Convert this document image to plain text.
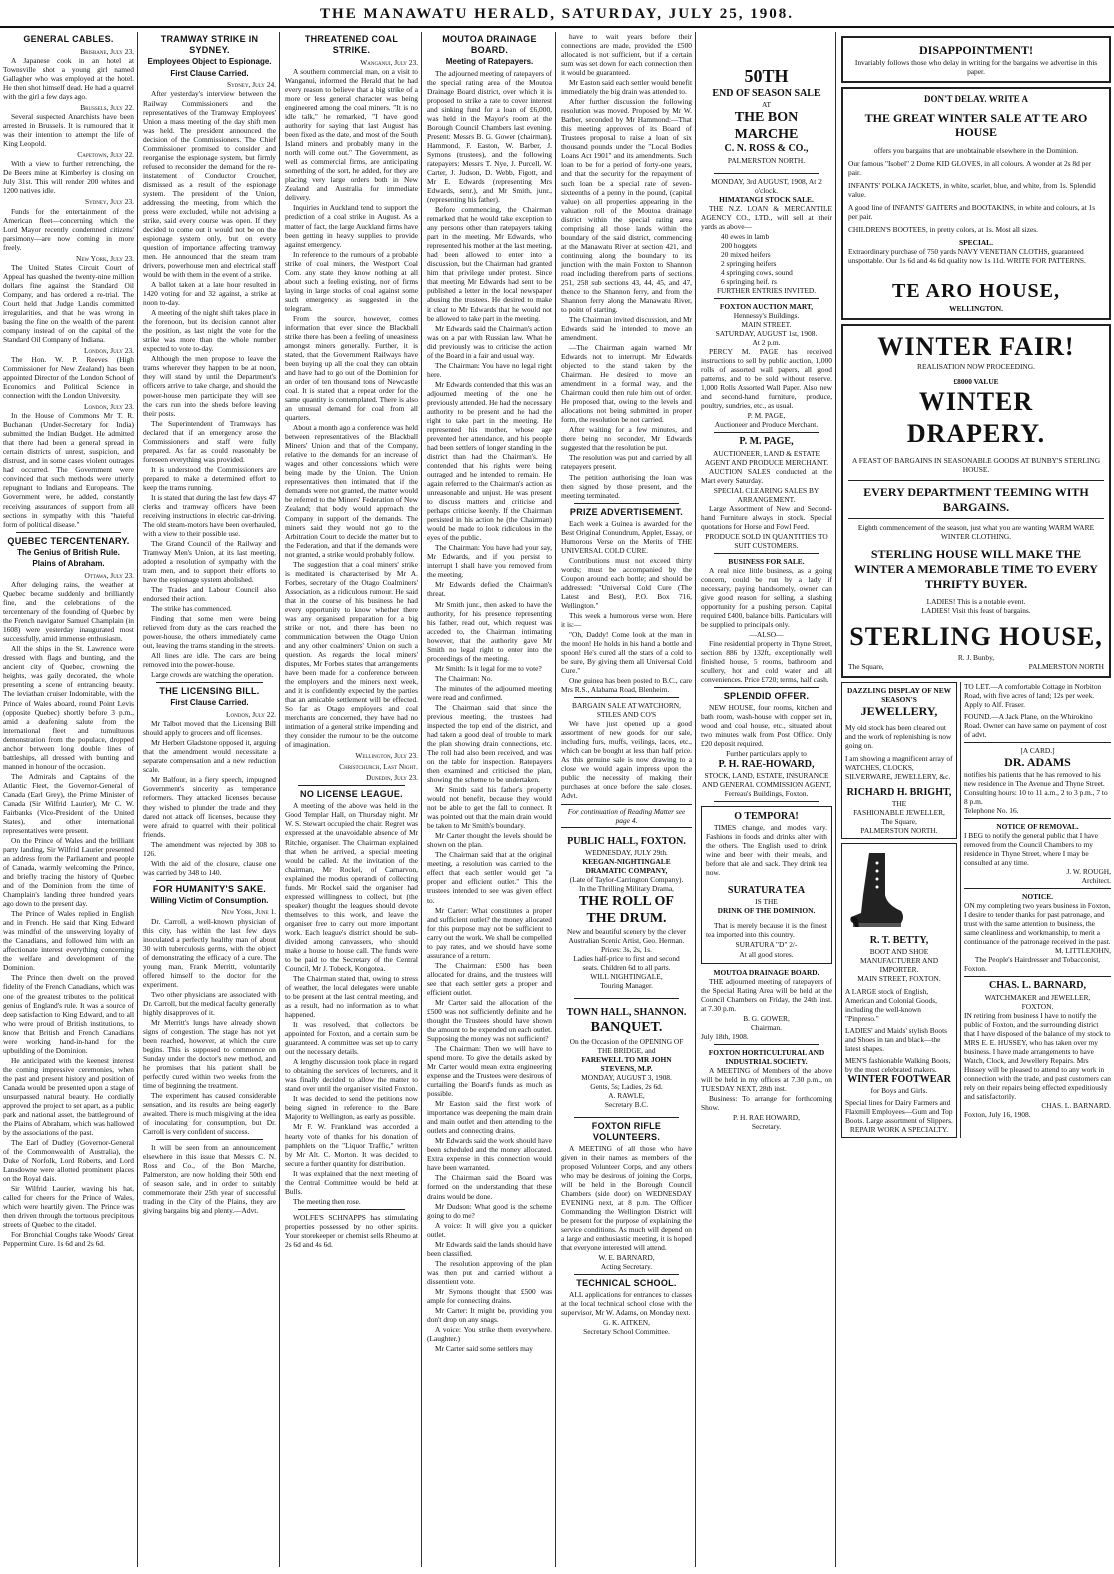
THE MANAWATU HERALD, SATURDAY, JULY 25, 1908.
GENERAL CABLES.
Brisbane, July 23.

A Japanese cook in an hotel at Townsville shot a young girl named Gallagher who was employed at the hotel. He then shot himself dead. He had a quarrel with the girl a few days ago.

Brussels, July 22.

Several suspected Anarchists have been arrested in Brussels. It is rumoured that it was their intention to attempt the life of King Leopold.

Capetown, July 22.

With a view to further retrenching, the De Beers mine at Kimberley is closing on July 31st. This will render 200 whites and 1200 natives idle.

Sydney, July 23.

Funds for the entertainment of the American fleet—concerning which the Lord Mayor recently condemned citizens' parsimony—are now coming in more freely.

New York, July 23.

The United States Circuit Court of Appeal has quashed the twenty-nine million dollars fine against the Standard Oil Company, and has ordered a re-trial. The Court held that Judge Landis committed irregularities, and that he was wrong in basing the fine on the wealth of the parent company instead of on the capital of the Standard Oil Company of Indiana.

London, July 23.

The Hon. W. P. Reeves (High Commissioner for New Zealand) has been appointed Director of the London School of Economics and Political Science in connection with the London University.

London, July 23.

In the House of Commons Mr T. R. Buchanan (Under-Secretary for India) submitted the Indian Budget. He admitted that there had been a general spread in certain districts of unrest, suspicion, and distrust, and in some cases violent outrages had occurred. The Government were convinced that such methods were utterly repugnant to Indians and Europeans. The Government were, he added, constantly receiving assurances of support from all sections in sympathy with this "hateful form of political disease."

QUEBEC TERCENTENARY.
The Genius of British Rule.
Plains of Abraham.
Ottawa, July 23.

After deluging rains, the weather at Quebec became suddenly and brilliantly fine, and the celebrations of the tercentenary of the founding of Quebec by the French navigator Samuel Champlain (in 1608) were yesterday inaugurated most successfully, amid immense enthusiasm.

All the ships in the St. Lawrence were dressed with flags and bunting, and the ancient city of Quebec, crowning the heights, was gaily decorated, the whole presenting a scene of entrancing beauty. The leviathan cruiser Indomitable, with the Prince of Wales aboard, round Point Levis (opposite Quebec) shortly before 3 p.m., amid a deafening salute from the international fleet and tumultuous demonstration from the populace, dropped anchor between long double lines of battleships, all dressed with bunting and manned in honour of the occasion.

The Admirals and Captains of the Atlantic Fleet, the Governor-General of Canada (Earl Grey), the Prime Minister of Canada (Sir Wilfrid Laurier), Mr C. W. Fairbanks (Vice-President of the United States), and other international representatives were present.

On the Prince of Wales and the brilliant party landing, Sir Wilfrid Laurier presented an address from the Parliament and people of Canada, warmly welcoming the Prince, and briefly tracing the history of Quebec and of the Dominion from the time of Champlain's landing three hundred years ago down to the present day.

The Prince of Wales replied in English and in French. He said that King Edward was mindful of the unswerving loyalty of the Canadians, and followed him with an affectionate interest everything concerning the welfare and development of the Dominion.

The Prince then dwelt on the proved fidelity of the French Canadians, which was one of the greatest tributes to the political genius of England's rule. It was a source of deep satisfaction to King Edward, and to all who were proud of British institutions, to know that British and French Canadians were working hand-in-hand for the upbuilding of the Dominion.

He anticipated with the keenest interest the coming impressive ceremonies, when the past and present history and position of Canada would be presented upon a stage of unsurpassed natural beauty. He cordially approved the project to set apart, as a public park and national asset, the battleground of the Plains of Abraham, which was hallowed by the associations of the past.

The Earl of Dudley (Governor-General of the Commonwealth of Australia), the Duke of Norfolk, Lord Roberts, and Lord Lansdowne were allotted prominent places on the Royal dais.

Sir Wilfrid Laurier, waving his hat, called for cheers for the Prince of Wales, which were heartily given. The Prince was then driven through the tortuous precipitous streets of Quebec to the citadel.

For Bronchial Coughs take Woods' Great Peppermint Cure. 1s 6d and 2s 6d.

TRAMWAY STRIKE IN SYDNEY.
Employees Object to Espionage.
First Clause Carried.
Sydney, July 24.

After yesterday's interview between the Railway Commissioners and the representatives of the Tramway Employees' Union a mass meeting of the day shift men was held. The president announced the decision of the Commissioners. The Chief Commissioner promised to consider and reorganise the espionage system, but firmly refused to reconsider the demand for the re-instatement of Conductor Croucher, dismissed as a result of the espionage system. The president of the Union, addressing the meeting, from which the press were excluded, while not advising a strike, said every course was open. If they decided to come out it would not be on the espionage system only, but on every question of importance affecting tramway men. He announced that the steam tram drivers, powerhouse men and electrical staff would be with them in the event of a strike.

A ballot taken at a late hour resulted in 1420 voting for and 32 against, a strike at noon to-day.

A meeting of the night shift takes place in the forenoon, but its decision cannot alter the position, as last night the vote for the strike was more than the whole number expected to vote to-day.

Although the men propose to leave the trams wherever they happen to be at noon, they will stand by until the Department's officers arrive to take charge, and should the power-house men participate they will see the cars run into the sheds before leaving their posts.

The Superintendent of Tramways has declared that if an emergency arose the Commissioners and staff were fully prepared. As far as could reasonably be foreseen everything was provided.

It is understood the Commissioners are prepared to make a determined effort to keep the trams running.

It is stated that during the last few days 47 clerks and tramway officers have been receiving instructions in electric car-driving. The old steam-motors have been overhauled, with a view to their possible use.

The Grand Council of the Railway and Tramway Men's Union, at its last meeting, adopted a resolution of sympathy with the tram men, and to support their efforts to have the espionage system abolished.

The Trades and Labour Council also endorsed their action.

The strike has commenced.

Finding that some men were being relieved from duty as the cars reached the power-house, the others immediately came out, leaving the trams standing in the streets.

All lines are idle. The cars are being removed into the power-house.

Large crowds are watching the operation.

THE LICENSING BILL.
First Clause Carried.
London, July 22.

Mr Talbot moved that the Licensing Bill should apply to grocers and off licenses.

Mr Herbert Gladstone opposed it, arguing that the amendment would necessitate a separate compensation and a new reduction scale.

Mr Balfour, in a fiery speech, impugned Government's sincerity as temperance reformers. They attacked licenses because they wished to plunder the trade and they dared not attack off licenses, because they were afraid to quarrel with their political friends.

The amendment was rejected by 308 to 126.

With the aid of the closure, clause one was carried by 348 to 140.

FOR HUMANITY'S SAKE.
Willing Victim of Consumption.
New York, June 1.

Dr. Carroll, a well-known physician of this city, has within the last few days inoculated a perfectly healthy man of about 30 with tuberculosis germs, with the object of demonstrating the efficacy of a cure. The young man, Frank Merritt, voluntarily offered himself to the doctor for the experiment.

Two other physicians are associated with Dr. Carroll, but the medical faculty generally highly disapproves of it.

Mr Merritt's lungs have already shown signs of congestion. The stage has not yet been reached, however, at which the cure begins. This is supposed to commence on Sunday under the doctor's new method, and he promises that his patient shall be perfectly cured within two weeks from the time of beginning the treatment.

The experiment has caused considerable sensation, and its results are being eagerly awaited. There is much misgiving at the idea of inoculating for consumption, but Dr. Carroll is very confident of success.

It will be seen from an announcement elsewhere in this issue that Messrs C. N. Ross and Co., of the Bon Marche, Palmerston, are now holding their 50th end of season sale, and in order to suitably commemorate their 25th year of successful trading in the City of the Plains, they are giving bargains big and plenty.—Advt.

THREATENED COAL STRIKE.
Wanganui, July 23.

A southern commercial man, on a visit to Wanganui, informed the Herald that he had every reason to believe that a big strike of a more or less general character was being engineered among the coal miners. "It is no idle talk," he remarked, "I have good authority for saying that last August has been fixed as the date, and most of the South Island miners and probably many in the north will come out." The Government, as well as commercial firms, are anticipating something of the sort, he added, for they are placing very large orders both in New Zealand and Australia for immediate delivery.

Inquiries in Auckland tend to support the prediction of a coal strike in August. As a matter of fact, the large Auckland firms have been getting in heavy supplies to provide against emergency.

In reference to the rumours of a probable strike of coal miners, the Westport Coal Com. any state they know nothing at all about such a feeling existing, nor of firms laying in large stocks of coal against some such emergency as suggested in the telegram.

From the source, however, comes information that ever since the Blackball strike there has been a feeling of uneasiness amongst miners generally. Further, it is stated, that the Government Railways have been buying up all the coal they can obtain and have had to go out of the Dominion for an order of ten thousand tons of Newcastle coal. It is stated that a repeat order for the same quantity is contemplated. There is also an unusual demand for coal from all quarters.

About a month ago a conference was held between representatives of the Blackball Miners' Union and that of the Company, relative to the demands for an increase of wages and other concessions which were being made by the Union. The Union representatives then intimated that if the demands were not granted, the matter would be referred to the Miners' Federation of New Zealand; that body would approach the Company in support of the demands. The miners said they would not go to the Arbitration Court to decide the matter but to the Federation, and that if the demands were not granted, a strike would probably follow.

The suggestion that a coal miners' strike is meditated is characterised by Mr A. Forbes, secretary of the Otago Coalminers' Association, as a ridiculous rumour. He said that in the course of his business he had every opportunity to know whether there was any organised preparation for a big strike or not, and there has been no communication between the Otago Union and any other coalminers' Union on such a question. As regards the local miners' disputes, Mr Forbes states that arrangements have been made for a conference between the employers and the miners next week, and it is confidently expected by the parties that an amicable settlement will be effected. So far as Otago employers and coal merchants are concerned, they have had no intimation of a general strike impending and they consider the rumour to be the outcome of imagination.

Wellington, July 23.
Christchurch, Last Night.
Dunedin, July 23.
NO LICENSE LEAGUE.

A meeting of the above was held in the Good Templar Hall, on Thursday night. Mr W. S. Stewart occupied the chair. Regret was expressed at the unavoidable absence of Mr Ritchie, organiser. The Chairman explained that when he arrived, a special meeting would be called. At the invitation of the chairman, Mr Rockel, of Carnarvon, explained the modus operandi of collecting funds. Mr Rockel said the organiser had expressed willingness to collect, but (the speaker) thought the leagues should devote themselves to this work, and leave the organiser free to carry out more important work. Each league's district should be sub-divided among canvassers, who should make a house to house call. The funds were to be paid to the Secretary of the Central Council, Mr J. Tobeck, Kongotea.

The Chairman stated that, owing to stress of weather, the local delegates were unable to be present at the last central meeting, and as a result, had no information as to what happened.

It was resolved, that collectors be appointed for Foxton, and a certain sum be guaranteed. A committee was set up to carry out the necessary details.

A lengthy discussion took place in regard to obtaining the services of lecturers, and it was finally decided to allow the matter to stand over until the organiser visited Foxton.

It was decided to send the petitions now being signed in reference to the Bare Majority to Wellington, as early as possible.

Mr F. W. Frankland was accorded a hearty vote of thanks for his donation of pamphlets on the "Liquor Traffic," written by Mr Alt. C. Morton. It was decided to secure a further quantity for distribution.

It was explained that the next meeting of the Central Committee would be held at Bulls.

The meeting then rose.

WOLFE'S SCHNAPPS has stimulating properties possessed by no other spirits. Your storekeeper or chemist sells Rheumo at 2s 6d and 4s 6d.

MOUTOA DRAINAGE BOARD.
Meeting of Ratepayers.

The adjourned meeting of ratepayers of the special rating area of the Moutoa Drainage Board district, over which it is proposed to strike a rate to cover interest and sinking fund for a loan of £6,000, was held in the Mayor's room at the Borough Council Chambers last evening. Present: Messrs B. G. Gower (chairman), Hammond, F. Easton, W. Barber, J. Symons (trustees), and the following ratepayers: Messrs T. Nye, J. Purcell, W. Carter, J. Judson, D. Webb, Figott, and Mr E. Edwards (representing Mrs Edwards, senr.), and Mr Smith, junr., (representing his father).

Before commencing, the Chairman remarked that he would take exception to any persons other than ratepayers taking part in the meeting. Mr Edwards, who represented his mother at the last meeting, had been allowed to enter into a discussion, but the Chairman had granted him that privilege under protest. Since that meeting Mr Edwards had sent to be published a letter in the local newspaper abusing the trustees. He desired to make it clear to Mr Edwards that he would not be allowed to take part in the meeting.

Mr Edwards said the Chairman's action was on a par with Russian law. What he did previously was to criticise the action of the Board in a fair and usual way.

The Chairman: You have no legal right here.

Mr Edwards contended that this was an adjourned meeting of the one he previously attended. He had the necessary authority to be present and he had the right to take part in the meeting. He represented his mother, whose age prevented her attendance, and his people had been settlers of longer standing in the district than had the Chairman's. He contended that his rights were being outraged and he intended to remain. He again referred to the Chairman's action as unreasonable and unjust. He was present to discuss matters and criticise and perhaps criticise keenly. If the Chairman persisted in his action he (the Chairman) would be made to look ridiculous in the eyes of the public.

The Chairman: You have had your say, Mr Edwards, and if you persist to interrupt I shall have you removed from the meeting.

Mr Edwards defied the Chairman's threat.

Mr Smith junr., then asked to have the authority, for his presence representing his father, read out, which request was acceded to, the Chairman intimating however, that the authority gave Mr Smith no legal right to enter into the proceedings of the meeting.

Mr Smith: Is it legal for me to vote?

The Chairman: No.

The minutes of the adjourned meeting were read and confirmed.

The Chairman said that since the previous meeting, the trustees had inspected the top end of the district, and had taken a good deal of trouble to mark the plan showing drain connections, etc. The roll had also been received, and was on the table for inspection. Ratepayers then examined and criticised the plan, showing the scheme to be undertaken.

Mr Smith said his father's property would not benefit, because they would not be able to get the fall to connect. It was pointed out that the main drain would be taken to Mr Smith's boundary.

Mr Carter thought the levels should be shown on the plan.

The Chairman said that at the original meeting, a resolution was carried to the effect that each settler would get "a proper and efficient outlet." This the trustees intended to see was given effect to.

Mr Carter: What constitutes a proper and sufficient outlet? the money allocated for this purpose may not be sufficient to carry out the work. We shall be compelled to pay rates, and we should have some assurance of a return.

The Chairman: £500 has been allocated for drains, and the trustees will see that each settler gets a proper and efficient outlet.

Mr Carter said the allocation of the £500 was not sufficiently definite and he thought the Trustees should have shown the amount to be expended on each outlet. Supposing the money was not sufficient?

The Chairman: Then we will have to spend more. To give the details asked by Mr Carter would mean extra engineering expense and the Trustees were desirous of curtailing the Board's funds as much as possible.

Mr Easton said the first work of importance was deepening the main drain and main outlet and then attending to the outlets and connecting drains.

Mr Edwards said the work should have been scheduled and the money allocated. Extra expense in this connection would have been warranted.

The Chairman said the Board was formed on the understanding that these drains would be done.

Mr Dudson: What good is the scheme going to do me?

A voice: It will give you a quicker outlet.

Mr Edwards said the lands should have been classified.

The resolution approving of the plan was then put and carried without a dissentient vote.

Mr Symons thought that £500 was ample for connecting drains.

Mr Carter: It might be, providing you don't drop on any snags.

A voice: You strike them everywhere. (Laughter.)

Mr Carter said some settlers may

have to wait years before their connections are made, provided the £500 allocated is not sufficient, but if a certain sum was set down for each connection then it would be guaranteed.

Mr Easton said each settler would benefit immediately the big drain was attended to.

After further discussion the following resolution was moved. Proposed by Mr W. Barber, seconded by Mr Hammond:—That this meeting approves of its Board of Trustees proposal to raise a loan of six thousand pounds under the "Local Bodies Loans Act 1901" and its amendments. Such loan to be for a period of forty-one years, and that the security for the repayment of such loan be a special rate of seven-sixteenths of a penny in the pound, (capital value) on all properties appearing in the valuation roll of the Moutoa drainage district within the special rating area comprising all those lands within the boundary of the said district, commencing at the Manawatu River at section 421, and continuing along the boundary to its junction with the main Foxton to Shannon road including therefrom parts of sections 251, 258 sub sections 43, 44, 45, and 47, thence to the Shannon ferry, and from the Shannon ferry along the Manawatu River, to point of starting.

The Chairman invited discussion, and Mr Edwards said he intended to move an amendment.

—The Chairman again warned Mr Edwards not to interrupt. Mr Edwards objected to the stand taken by the Chairman. He desired to move an amendment in a formal way, and the Chairman could then rule him out of order. He proposed that, owing to the levels and allocations not being submitted in proper form, the resolution be not carried.

After waiting for a few minutes, and there being no seconder, Mr Edwards suggested that the resolution be put.

The resolution was put and carried by all ratepayers present.

The petition authorising the loan was then signed by those present, and the meeting terminated.

PRIZE ADVERTISEMENT.

Each week a Guinea is awarded for the Best Original Conundrum, Applet, Essay, or Humorous Verse on the Merits of THE UNIVERSAL COLD CURE.

Contributions must not exceed thirty words; must be accompanied by the Coupon around each bottle; and should be addressed: "Universal Cold Cure (The Latest and Best), P.O. Box 716, Wellington."

This week a humorous verse won. Here it is:—

"Oh, Daddy! Come look at the man in the moon! He holds in his hand a bottle and spoon! He's cured all the stars of a cold to be sure, By giving them all Universal Cold Cure."

One guinea has been posted to B.C., care Mrs R.S., Alabama Road, Blenheim.

BARGAIN SALE AT WATCHORN, STILES AND CO'S

We have just opened up a good assortment of new goods for our sale, including furs, muffs, veilings, laces, etc., which can be bought at less than half price. As this genuine sale is now drawing to a close we would again impress upon the public the necessity of making their purchases at once before the sale closes. Advt.

For continuation of Reading Matter see page 4.
PUBLIC HALL, FOXTON.
WEDNESDAY, JULY 29th.
KEEGAN-NIGHTINGALE DRAMATIC COMPANY,
(Late of Taylor-Carrington Company).
In the Thrilling Military Drama,
THE ROLL OF THE DRUM.
New and beautiful scenery by the clever Australian Scenic Artist, Geo. Herman.
Prices: 3s, 2s, 1s.
Ladies half-price to first and second seats. Children 6d to all parts.
WILL NIGHTINGALE,
Touring Manager.
TOWN HALL, SHANNON.
BANQUET.
On the Occasion of the OPENING OF THE BRIDGE, and
FAREWELL TO MR JOHN STEVENS, M.P.
MONDAY, AUGUST 3, 1908.
Gents, 5s; Ladies, 2s 6d.
A. RAWLE,
Secretary B.C.
FOXTON RIFLE VOLUNTEERS.

A MEETING of all those who have given in their names as members of the proposed Volunteer Corps, and any others who may be desirous of joining the Corps, will be held in the Borough Council Chambers (side door) on WEDNESDAY EVENING next, at 8 p.m. The Officer Commanding the Wellington District will be present for the purpose of explaining the service conditions. As much will depend on a large and enthusiastic meeting, it is hoped that everyone interested will attend.

W. E. BARNARD,
Acting Secretary.
TECHNICAL SCHOOL.

ALL applications for entrances to classes at the local technical school close with the supervisor, Mr W. Adams, on Monday next.

G. K. AITKEN,
Secretary School Committee.
50TH
END OF SEASON SALE
AT
THE BON MARCHE
C. N. ROSS & CO.,
PALMERSTON NORTH.
MONDAY, 3rd AUGUST, 1908, At 2 o'clock.
HIMATANGI STOCK SALE.

THE N.Z. LOAN & MERCANTILE AGENCY CO., LTD., will sell at their yards as above—

40 ewes in lamb
200 hoggets
20 mixed heifers
2 springing heifers
4 springing cows, sound
6 springing heif. rs
FURTHER ENTRIES INVITED.
FOXTON AUCTION MART,
Hennessy's Buildings.
MAIN STREET.
SATURDAY, AUGUST 1st, 1908.
At 2 p.m.

PERCY M. PAGE has received instructions to sell by public auction, 1,000 rolls of assorted wall papers, all good patterns, and to be sold without reserve. 1,000 Rolls Assorted Wall Paper. Also new and second-hand furniture, produce, poultry, sundries, etc., as usual.

P. M. PAGE,
Auctioneer and Produce Merchant.
P. M. PAGE,
AUCTIONEER, LAND & ESTATE AGENT AND PRODUCE MERCHANT.

AUCTION SALES conducted at the Mart every Saturday.

SPECIAL CLEARING SALES BY ARRANGEMENT.

Large Assortment of New and Second-hand Furniture always in stock. Special quotations for Horse and Fowl Feed.

PRODUCE SOLD IN QUANTITIES TO SUIT CUSTOMERS.
BUSINESS FOR SALE.

A real nice little business, as a going concern, could be run by a lady if necessary, paying handsomely, owner can give good reason for selling, a slashing opportunity for a pushing person. Capital required £400, balance bills. Particulars will be supplied to principals only.

—ALSO—

Fine residential property in Thyne Street, section 886 by 132ft, exceptionally well finished house, 5 rooms, bathroom and scullery, hot and cold water and all conveniences. Price £720; terms, half cash.

SPLENDID OFFER.

NEW HOUSE, four rooms, kitchen and bath room, wash-house with copper set in, wood and coal house, etc., situated about two minutes walk from Post Office. Only £20 deposit required.

Further particulars apply to
P. H. RAE-HOWARD,
STOCK, LAND, ESTATE, INSURANCE AND GENERAL COMMISSION AGENT,
Ferreau's Buildings, Foxton.
O TEMPORA!

TIMES change, and modes vary. Fashions in foods and drinks alter with the others. The English used to drink wine and beer with their meals, and before that ale and sack. They drink tea now.

SURATURA TEA
IS THE
DRINK OF THE DOMINION.

That is merely because it is the finest tea imported into this country.

SURATURA "D" 2/-
At all good stores.
MOUTOA DRAINAGE BOARD.

THE adjourned meeting of ratepayers of the Special Rating Area will be held at the Council Chambers on Friday, the 24th inst. at 7.30 p.m.

B. G. GOWER,
Chairman.
July 18th, 1908.
FOXTON HORTICULTURAL AND INDUSTRIAL SOCIETY.

A MEETING of Members of the above will be held in my offices at 7.30 p.m., on TUESDAY NEXT, 28th inst.

Business: To arrange for forthcoming Show.

P. H. RAE HOWARD,
Secretary.
DISAPPOINTMENT!
Invariably follows those who delay in writing for the bargains we advertise in this paper.
DON'T DELAY. WRITE A
THE GREAT WINTER SALE AT TE ARO HOUSE
offers you bargains that are unobtainable elsewhere in the Dominion.

Our famous "Isobel" 2 Dome KID GLOVES, in all colours. A wonder at 2s 8d per pair.

INFANTS' POLKA JACKETS, in white, scarlet, blue, and white, from 1s. Splendid value.

A good line of INFANTS' GAITERS and BOOTAKINS, in white and colours, at 1s per pair.

CHILDREN'S BOOTEES, in pretty colors, at 1s. Most all sizes.

SPECIAL.

Extraordinary purchase of 750 yards NAVY VENETIAN CLOTHS, guaranteed unspottable. Our 1s 6d and 4s 6d quality now 1s 11d. WRITE FOR PATTERNS.

TE ARO HOUSE,
WELLINGTON.
WINTER FAIR!
REALISATION NOW PROCEEDING.
£8000 VALUE
WINTER DRAPERY.
A FEAST OF BARGAINS IN SEASONABLE GOODS AT BUNBY'S STERLING HOUSE.
EVERY DEPARTMENT TEEMING WITH BARGAINS.
Eighth commencement of the season, just what you are wanting WARM WARE WINTER CLOTHING.
STERLING HOUSE WILL MAKE THE WINTER A MEMORABLE TIME TO EVERY THRIFTY BUYER.
LADIES! This is a notable event.
LADIES! Visit this feast of bargains.
STERLING HOUSE,
R. J. Bunby,
The Square,	PALMERSTON NORTH
DAZZLING DISPLAY OF NEW SEASON'S
JEWELLERY,

My old stock has been cleared out and the work of replenishing is now going on.

I am showing a magnificent array of WATCHES, CLOCKS, SILVERWARE, JEWELLERY, &c.

RICHARD H. BRIGHT,
THE
FASHIONABLE JEWELLER,
The Square,
PALMERSTON NORTH.
R. T. BETTY,
BOOT AND SHOE MANUFACTURER AND IMPORTER.
MAIN STREET, FOXTON.

A LARGE stock of English, American and Colonial Goods, including the well-known "Pinpreso."

LADIES' and Maids' stylish Boots and Shoes in tan and black—the latest shapes.

MEN'S fashionable Walking Boots, by the most celebrated makers.

WINTER FOOTWEAR
for Boys and Girls.

Special lines for Dairy Farmers and Flaxmill Employees—Gum and Top Boots. Large assortment of Slippers.

REPAIR WORK A SPECIALTY.

TO LET.—A comfortable Cottage in Norbiton Road, with five acres of land; 12s per week. Apply to Alf. Fraser.

FOUND.—A Jack Plane, on the Whirokino Road. Owner can have same on payment of cost of advt.

[A CARD.]
DR. ADAMS

notifies his patients that he has removed to his new residence in The Avenue and Thyne Street.

Consulting hours: 10 to 11 a.m., 2 to 3 p.m., 7 to 8 p.m.

Telephone No. 16.
NOTICE OF REMOVAL.

I BEG to notify the general public that I have removed from the Council Chambers to my residence in Thyne Street, where I may be consulted at any time.

J. W. ROUGH,
Architect.
NOTICE.

ON my completing two years business in Foxton, I desire to tender thanks for past patronage, and trust with the same attention to business, the same cleanliness and workmanship, to merit a continuance of the patronage received in the past.

M. LITTLEJOHN,
The People's Hairdresser and Tobacconist,
Foxton.
CHAS. L. BARNARD,
WATCHMAKER and JEWELLER,
FOXTON.

IN retiring from business I have to notify the public of Foxton, and the surrounding district that I have disposed of the balance of my stock to MRS E. E. HUSSEY, who has taken over my business. I have made arrangements to have Watch, Clock, and Jewellery Repairs. Mrs Hussey will be pleased to attend to any work in connection with the trade, and past customers can rely on their repairs being effected expeditiously and satisfactorily.

CHAS. L. BARNARD.
Foxton, July 16, 1908.
